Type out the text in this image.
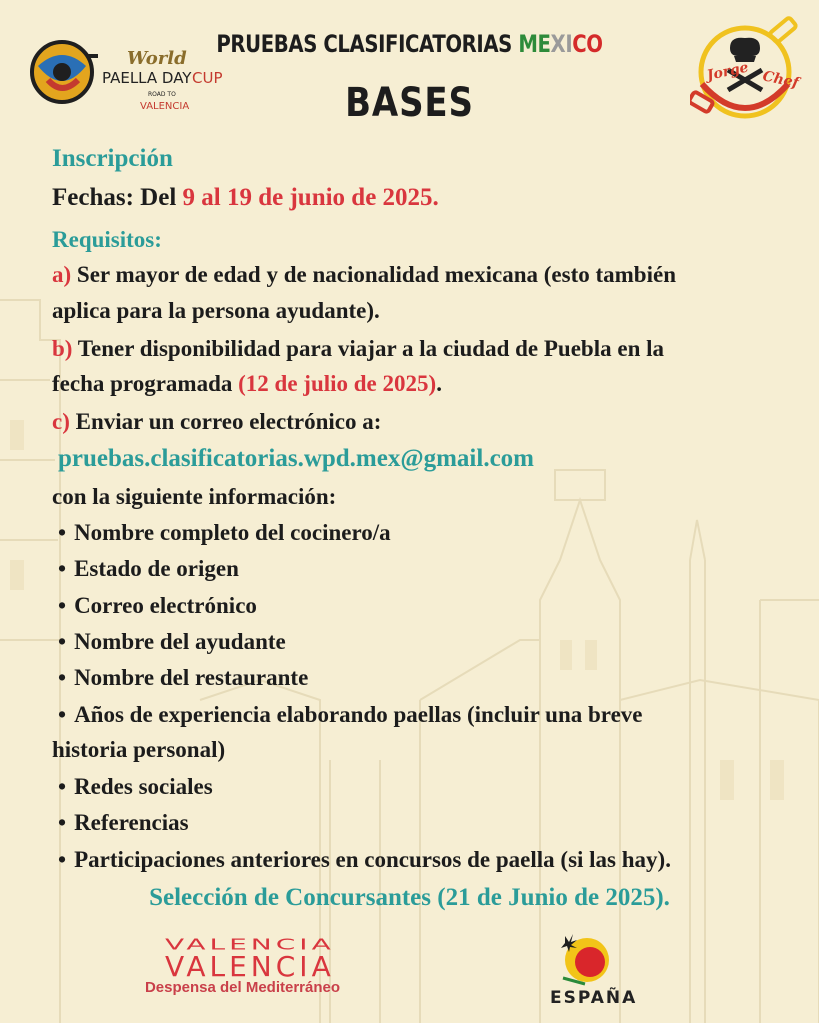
World
PAELLA DAY CUP
ROAD TO
VALENCIA
PRUEBAS CLASIFICATORIAS MEXICO
BASES
Jorge Chef
Inscripción
Fechas: Del 9 al 19 de junio de 2025.
Requisitos:
a) Ser mayor de edad y de nacionalidad mexicana (esto también
aplica para la persona ayudante).
b) Tener disponibilidad para viajar a la ciudad de Puebla en la
fecha programada (12 de julio de 2025).
c) Enviar un correo electrónico a:
pruebas.clasificatorias.wpd.mex@gmail.com
con la siguiente información:
• Nombre completo del cocinero/a
• Estado de origen
• Correo electrónico
• Nombre del ayudante
• Nombre del restaurante
• Años de experiencia elaborando paellas (incluir una breve
historia personal)
• Redes sociales
• Referencias
• Participaciones anteriores en concursos de paella (si las hay).
Selección de Concursantes (21 de Junio de 2025).
VALENCIA
VALENCIA
Despensa del Mediterráneo
ESPAÑA
